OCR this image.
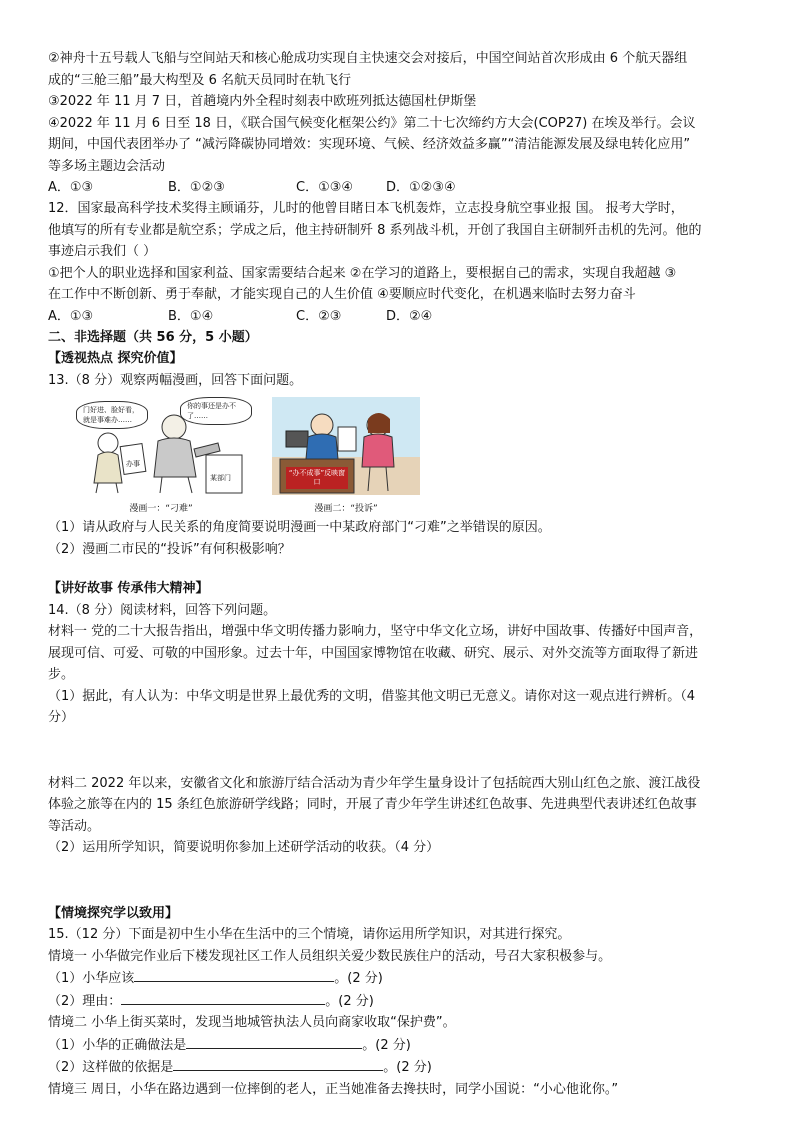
②神舟十五号载人飞船与空间站天和核心舱成功实现自主快速交会对接后，中国空间站首次形成由 6 个航天器组
成的“三舱三船”最大构型及 6 名航天员同时在轨飞行
③2022 年 11 月 7 日，首趟境内外全程时刻表中欧班列抵达德国杜伊斯堡
④2022 年 11 月 6 日至 18 日，《联合国气候变化框架公约》第二十七次缔约方大会(COP27) 在埃及举行。会议
期间，中国代表团举办了 “减污降碳协同增效：实现环境、气候、经济效益多赢”“清洁能源发展及绿电转化应用”
等多场主题边会活动
A．①③	B．①②③	C．①③④	D．①②③④
12．国家最高科学技术奖得主顾诵芬，儿时的他曾目睹日本飞机轰炸，立志投身航空事业报 国。 报考大学时，
他填写的所有专业都是航空系；学成之后，他主持研制歼 8 系列战斗机，开创了我国自主研制歼击机的先河。他的
事迹启示我们（ ）
①把个人的职业选择和国家利益、国家需要结合起来 ②在学习的道路上，要根据自己的需求，实现自我超越 ③
在工作中不断创新、勇于奉献，才能实现自己的人生价值 ④要顺应时代变化，在机遇来临时去努力奋斗
A．①③	B．①④	C．②③	D．②④
二、非选择题（共 56 分，5 小题）
【透视热点 探究价值】
13.（8 分）观察两幅漫画，回答下面问题。
门好进、脸好看，就是事难办……
你的事还是办不了……
办事
某部门
漫画一：“刁难”
“办不成事”反映窗口
漫画二：“投诉”
（1）请从政府与人民关系的角度简要说明漫画一中某政府部门“刁难”之举错误的原因。
（2）漫画二市民的“投诉”有何积极影响？
【讲好故事 传承伟大精神】
14.（8 分）阅读材料，回答下列问题。
材料一 党的二十大报告指出，增强中华文明传播力影响力，坚守中华文化立场，讲好中国故事、传播好中国声音，
展现可信、可爱、可敬的中国形象。过去十年，中国国家博物馆在收藏、研究、展示、对外交流等方面取得了新进
步。
（1）据此，有人认为：中华文明是世界上最优秀的文明，借鉴其他文明已无意义。请你对这一观点进行辨析。（4
分）
材料二 2022 年以来，安徽省文化和旅游厅结合活动为青少年学生量身设计了包括皖西大别山红色之旅、渡江战役
体验之旅等在内的 15 条红色旅游研学线路；同时，开展了青少年学生讲述红色故事、先进典型代表讲述红色故事
等活动。
（2）运用所学知识，简要说明你参加上述研学活动的收获。（4 分）
【情境探究学以致用】
15.（12 分）下面是初中生小华在生活中的三个情境，请你运用所学知识，对其进行探究。
情境一 小华做完作业后下楼发现社区工作人员组织关爱少数民族住户的活动，号召大家积极参与。
（1）小华应该	。(2 分)
（2）理由：	。(2 分)
情境二 小华上街买菜时，发现当地城管执法人员向商家收取“保护费”。
（1）小华的正确做法是	。(2 分)
（2）这样做的依据是	。(2 分)
情境三 周日，小华在路边遇到一位摔倒的老人，正当她准备去搀扶时，同学小国说：“小心他讹你。”
